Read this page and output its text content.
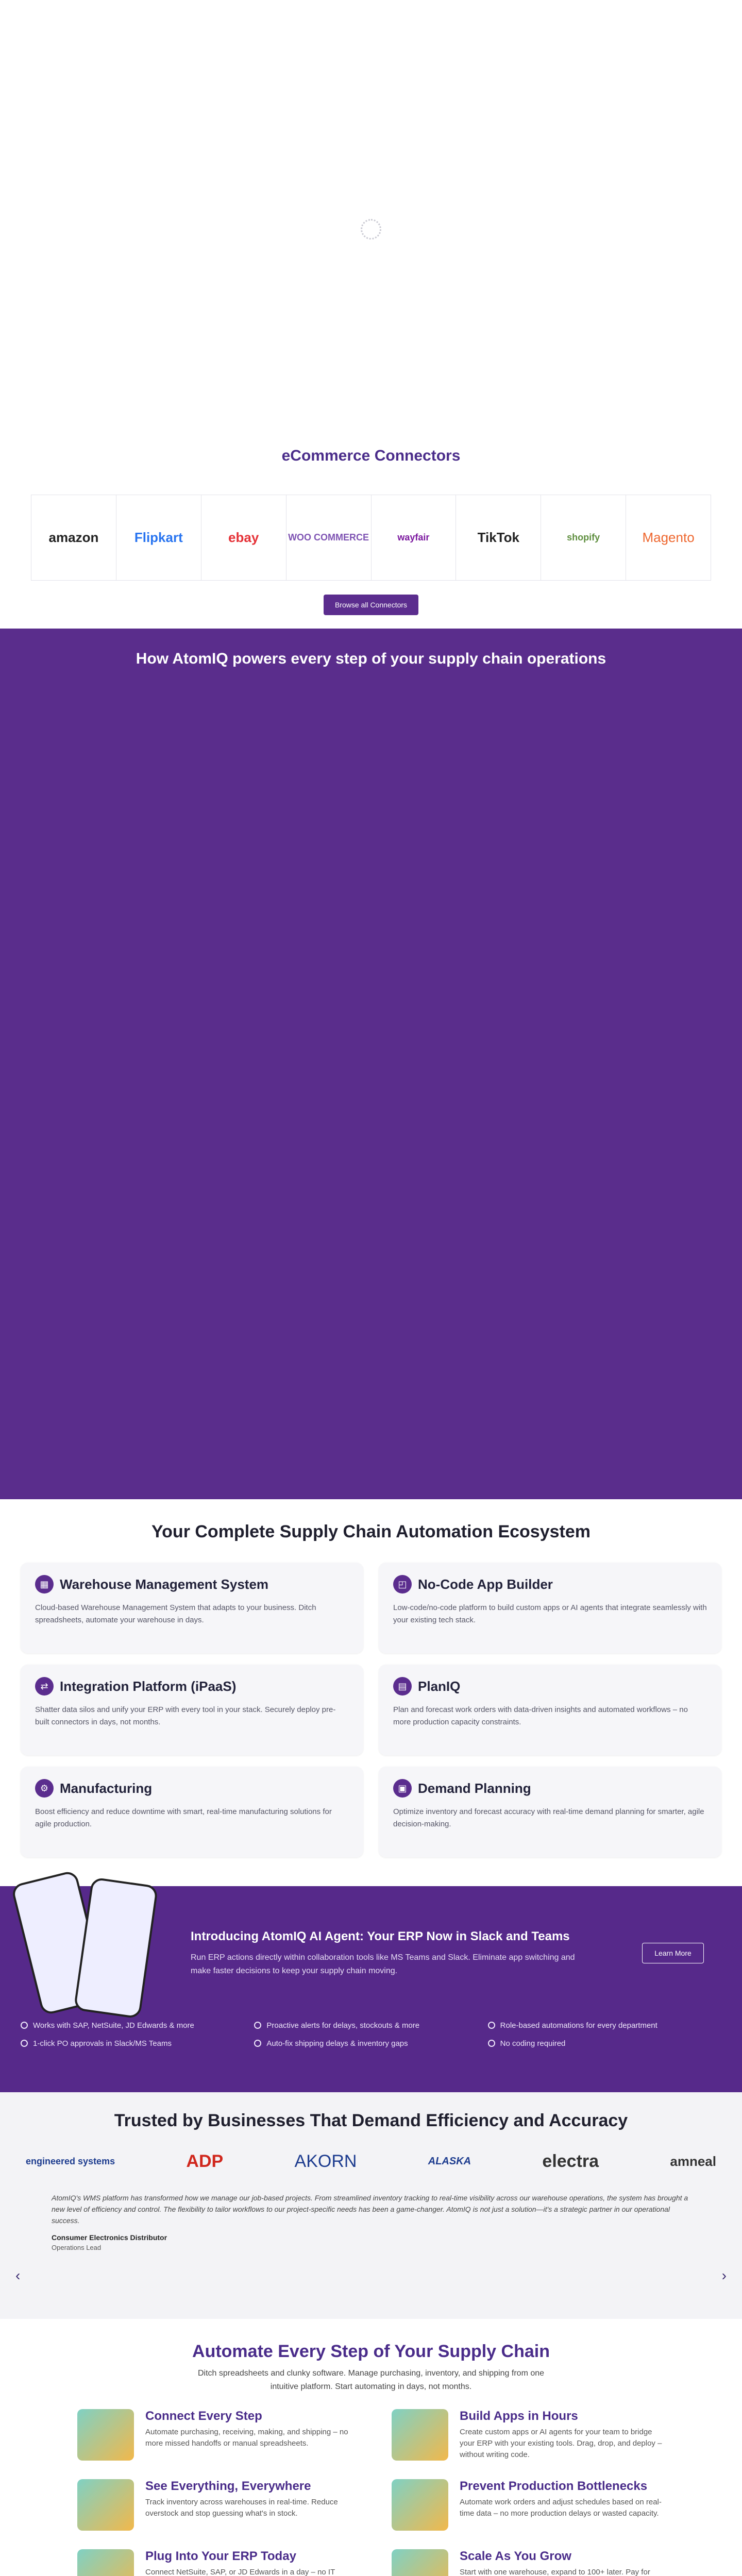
eCommerce Connectors
amazon	Flipkart	ebay	WOO COMMERCE	wayfair	TikTok	shopify	Magento
Browse all Connectors
How AtomIQ powers every step of your supply chain operations
Your Complete Supply Chain Automation Ecosystem
▦ Warehouse Management System

Cloud-based Warehouse Management System that adapts to your business. Ditch spreadsheets, automate your warehouse in days.

◰ No-Code App Builder

Low-code/no-code platform to build custom apps or AI agents that integrate seamlessly with your existing tech stack.

⇄ Integration Platform (iPaaS)

Shatter data silos and unify your ERP with every tool in your stack. Securely deploy pre-built connectors in days, not months.

▤ PlanIQ

Plan and forecast work orders with data-driven insights and automated workflows – no more production capacity constraints.

⚙ Manufacturing

Boost efficiency and reduce downtime with smart, real-time manufacturing solutions for agile production.

▣ Demand Planning

Optimize inventory and forecast accuracy with real-time demand planning for smarter, agile decision-making.

Introducing AtomIQ AI Agent: Your ERP Now in Slack and Teams

Run ERP actions directly within collaboration tools like MS Teams and Slack. Eliminate app switching and make faster decisions to keep your supply chain moving.

Learn More
Works with SAP, NetSuite, JD Edwards & more	Proactive alerts for delays, stockouts & more	Role-based automations for every department
1-click PO approvals in Slack/MS Teams	Auto-fix shipping delays & inventory gaps	No coding required
Trusted by Businesses That Demand Efficiency and Accuracy
engineered systems	ADP	AKORN	ALASKA	electra	amneal

AtomIQ's WMS platform has transformed how we manage our job-based projects. From streamlined inventory tracking to real-time visibility across our warehouse operations, the system has brought a new level of efficiency and control. The flexibility to tailor workflows to our project-specific needs has been a game-changer. AtomIQ is not just a solution—it's a strategic partner in our operational success.

Consumer Electronics Distributor
Operations Lead
‹	›
Automate Every Step of Your Supply Chain

Ditch spreadsheets and clunky software. Manage purchasing, inventory, and shipping from one intuitive platform. Start automating in days, not months.

Connect Every Step

Automate purchasing, receiving, making, and shipping – no more missed handoffs or manual spreadsheets.

Build Apps in Hours

Create custom apps or AI agents for your team to bridge your ERP with your existing tools. Drag, drop, and deploy – without writing code.

See Everything, Everywhere

Track inventory across warehouses in real-time. Reduce overstock and stop guessing what's in stock.

Prevent Production Bottlenecks

Automate work orders and adjust schedules based on real-time data – no more production delays or wasted capacity.

Plug Into Your ERP Today

Connect NetSuite, SAP, or JD Edwards in a day – no IT

Scale As You Grow

Start with one warehouse, expand to 100+ later. Pay for
